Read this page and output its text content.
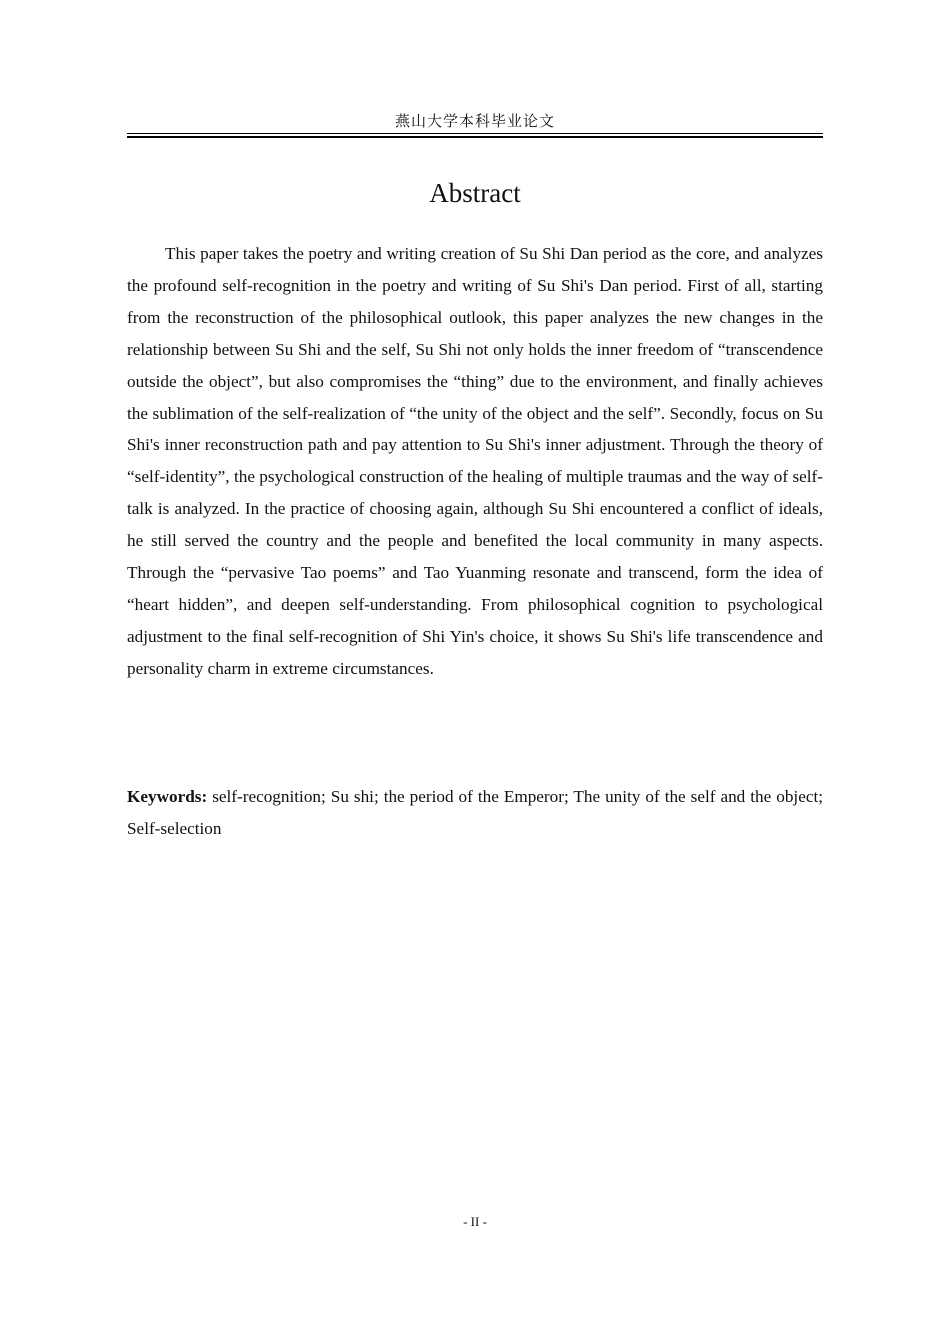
燕山大学本科毕业论文
Abstract

This paper takes the poetry and writing creation of Su Shi Dan period as the core, and analyzes the profound self-recognition in the poetry and writing of Su Shi's Dan period. First of all, starting from the reconstruction of the philosophical outlook, this paper analyzes the new changes in the relationship between Su Shi and the self, Su Shi not only holds the inner freedom of “transcendence outside the object”, but also compromises the “thing” due to the environment, and finally achieves the sublimation of the self-realization of “the unity of the object and the self”. Secondly, focus on Su Shi's inner reconstruction path and pay attention to Su Shi's inner adjustment. Through the theory of “self-identity”, the psychological construction of the healing of multiple traumas and the way of self-talk is analyzed. In the practice of choosing again, although Su Shi encountered a conflict of ideals, he still served the country and the people and benefited the local community in many aspects. Through the “pervasive Tao poems” and Tao Yuanming resonate and transcend, form the idea of “heart hidden”, and deepen self-understanding. From philosophical cognition to psychological adjustment to the final self-recognition of Shi Yin's choice, it shows Su Shi's life transcendence and personality charm in extreme circumstances.

Keywords: self-recognition; Su shi; the period of the Emperor; The unity of the self and the object; Self-selection

- II -
